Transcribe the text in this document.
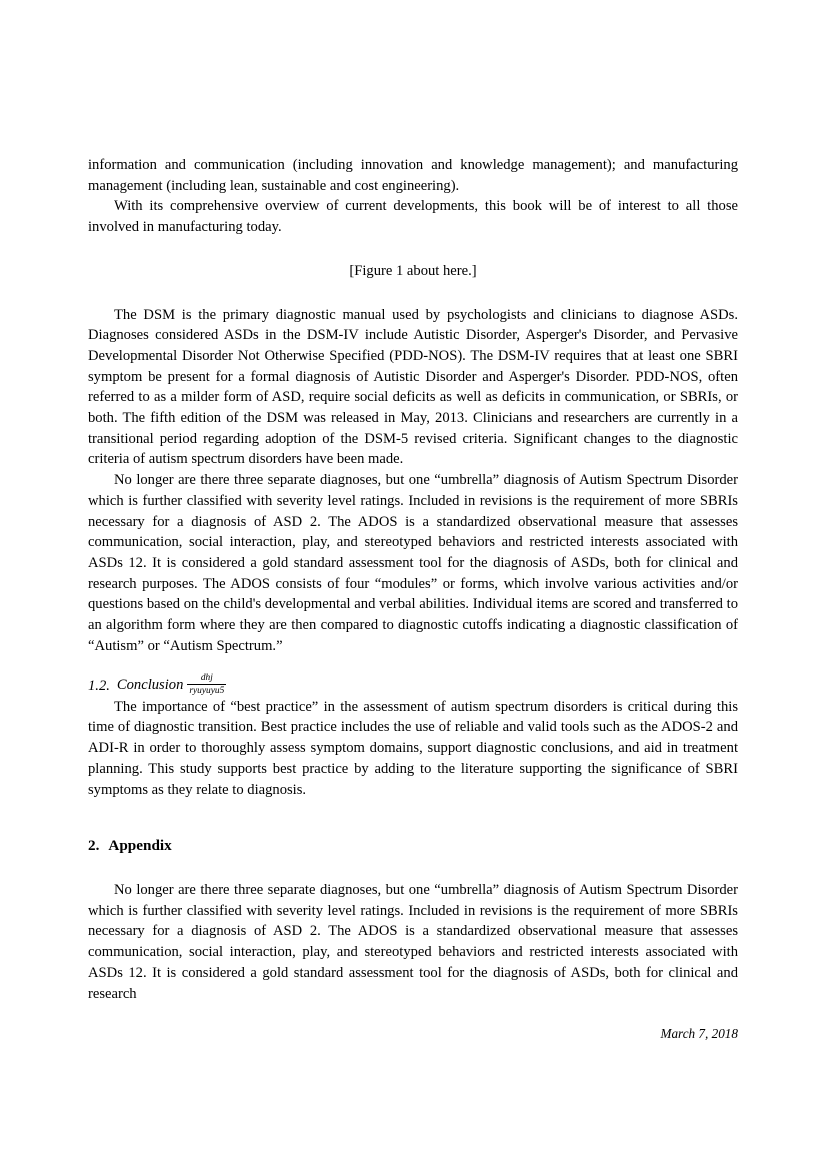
information and communication (including innovation and knowledge management); and manufacturing management (including lean, sustainable and cost engineering).

With its comprehensive overview of current developments, this book will be of interest to all those involved in manufacturing today.

[Figure 1 about here.]

The DSM is the primary diagnostic manual used by psychologists and clinicians to diagnose ASDs. Diagnoses considered ASDs in the DSM-IV include Autistic Disorder, Asperger's Disorder, and Pervasive Developmental Disorder Not Otherwise Specified (PDD-NOS). The DSM-IV requires that at least one SBRI symptom be present for a formal diagnosis of Autistic Disorder and Asperger's Disorder. PDD-NOS, often referred to as a milder form of ASD, require social deficits as well as deficits in communication, or SBRIs, or both. The fifth edition of the DSM was released in May, 2013. Clinicians and researchers are currently in a transitional period regarding adoption of the DSM-5 revised criteria. Significant changes to the diagnostic criteria of autism spectrum disorders have been made.

No longer are there three separate diagnoses, but one “umbrella” diagnosis of Autism Spectrum Disorder which is further classified with severity level ratings. Included in revisions is the requirement of more SBRIs necessary for a diagnosis of ASD 2. The ADOS is a standardized observational measure that assesses communication, social interaction, play, and stereotyped behaviors and restricted interests associated with ASDs 12. It is considered a gold standard assessment tool for the diagnosis of ASDs, both for clinical and research purposes. The ADOS consists of four “modules” or forms, which involve various activities and/or questions based on the child's developmental and verbal abilities. Individual items are scored and transferred to an algorithm form where they are then compared to diagnostic cutoffs indicating a diagnostic classification of “Autism” or “Autism Spectrum.”

1.2. Conclusion $\frac{\text{dhj}}{\text{ryuyuyu5}}$

The importance of “best practice” in the assessment of autism spectrum disorders is critical during this time of diagnostic transition. Best practice includes the use of reliable and valid tools such as the ADOS-2 and ADI-R in order to thoroughly assess symptom domains, support diagnostic conclusions, and aid in treatment planning. This study supports best practice by adding to the literature supporting the significance of SBRI symptoms as they relate to diagnosis.

2. Appendix

No longer are there three separate diagnoses, but one “umbrella” diagnosis of Autism Spectrum Disorder which is further classified with severity level ratings. Included in revisions is the requirement of more SBRIs necessary for a diagnosis of ASD 2. The ADOS is a standardized observational measure that assesses communication, social interaction, play, and stereotyped behaviors and restricted interests associated with ASDs 12. It is considered a gold standard assessment tool for the diagnosis of ASDs, both for clinical and research

March 7, 2018
